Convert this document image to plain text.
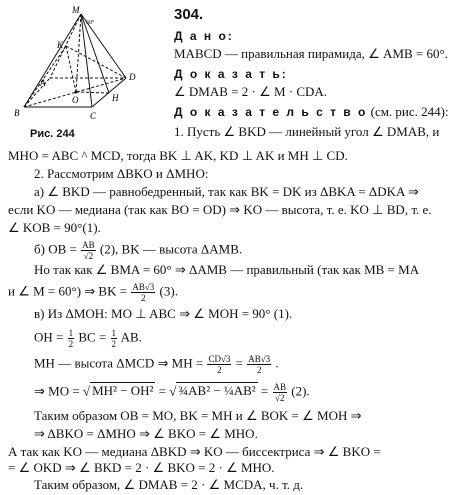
M
60°
K
A
B	C
D
O	H
Рис. 244
304.
Д а н о:
MABCD — правильная пирамида, ∠ AMB = 60°.
Д о к а з а т ь:
∠ DMAB = 2 · ∠ M · CDA.
Д о к а з а т е л ь с т в о (см. рис. 244):
1. Пусть ∠ BKD — линейный угол ∠ DMAB, и
MHO = ABC ^ MCD, тогда BK ⊥ AK, KD ⊥ AK и MH ⊥ CD.
2. Рассмотрим ΔBKO и ΔMHO:
а) ∠ BKD — равнобедренный, так как BK = DK из ΔBKA = ΔDKA ⇒
если KO — медиана (так как BO = OD) ⇒ KO — высота, т. е. KO ⊥ BD, т. е.
∠ KOB = 90°(1).
б) OB = $\frac{AB}{√2} (2)$, BK — высота ΔAMB.
Но так как ∠ BMA = 60° ⇒ ΔAMB — правильный (так как MB = MA
и ∠ M = 60°) ⇒ BK = $\frac{AB√3}{2} (3)$.
в) Из ΔMOH: MO ⊥ ABC ⇒ ∠ MOH = 90° (1).
OH = $\frac{1}{2}$ BC = $\frac{1}{2}$ AB.
MH — высота ΔMCD ⇒ MH = $\frac{CD√3}{2} = \frac{AB√3}{2}$ .
⇒ MO = √ MH² − OH² = √ ¾AB² − ¼AB² = $\frac{AB}{√2} (2)$.
Таким образом OB = MO, BK = MH и ∠ BOK = ∠ MOH ⇒
⇒ ΔBKO = ΔMHO ⇒ ∠ BKO = ∠ MHO.
А так как KO — медиана ΔBKD ⇒ KO — биссектриса ⇒ ∠ BKO =
= ∠ OKD ⇒ ∠ BKD = 2 · ∠ BKO = 2 · ∠ MHO.
Таким образом, ∠ DMAB = 2 · ∠ MCDA, ч. т. д.
